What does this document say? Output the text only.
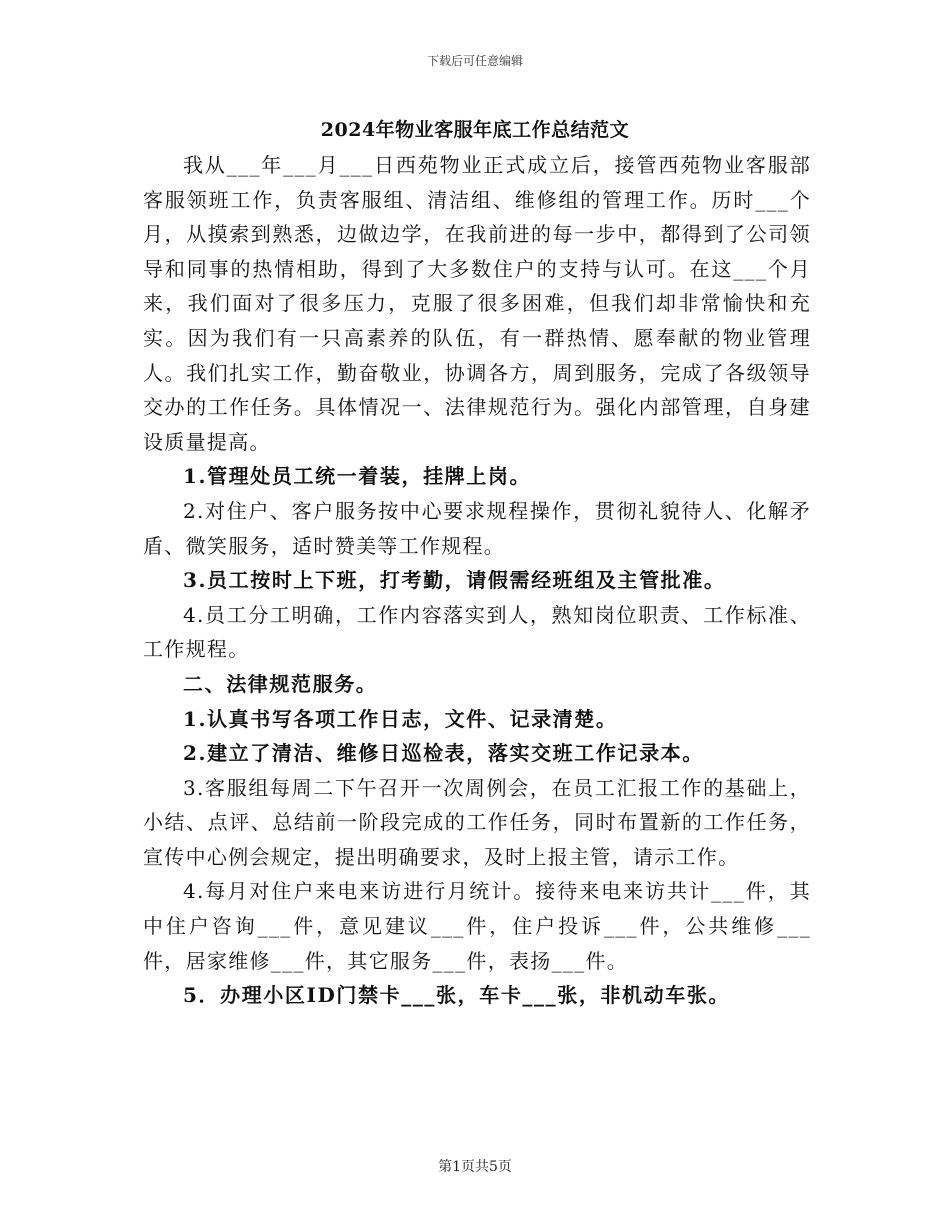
下载后可任意编辑
2024年物业客服年底工作总结范文

我从___年___月___日西苑物业正式成立后，接管西苑物业客服部客服领班工作，负责客服组、清洁组、维修组的管理工作。历时___个月，从摸索到熟悉，边做边学，在我前进的每一步中，都得到了公司领导和同事的热情相助，得到了大多数住户的支持与认可。在这___个月来，我们面对了很多压力，克服了很多困难，但我们却非常愉快和充实。因为我们有一只高素养的队伍，有一群热情、愿奉献的物业管理人。我们扎实工作，勤奋敬业，协调各方，周到服务，完成了各级领导交办的工作任务。具体情况一、法律规范行为。强化内部管理，自身建设质量提高。

1.管理处员工统一着装，挂牌上岗。

2.对住户、客户服务按中心要求规程操作，贯彻礼貌待人、化解矛盾、微笑服务，适时赞美等工作规程。

3.员工按时上下班，打考勤，请假需经班组及主管批准。

4.员工分工明确，工作内容落实到人，熟知岗位职责、工作标准、工作规程。

二、法律规范服务。

1.认真书写各项工作日志，文件、记录清楚。

2.建立了清洁、维修日巡检表，落实交班工作记录本。

3.客服组每周二下午召开一次周例会，在员工汇报工作的基础上，小结、点评、总结前一阶段完成的工作任务，同时布置新的工作任务，宣传中心例会规定，提出明确要求，及时上报主管，请示工作。

4.每月对住户来电来访进行月统计。接待来电来访共计___件，其中住户咨询___件，意见建议___件，住户投诉___件，公共维修___件，居家维修___件，其它服务___件，表扬___件。

5．办理小区ID门禁卡___张，车卡___张，非机动车张。

第1页共5页
